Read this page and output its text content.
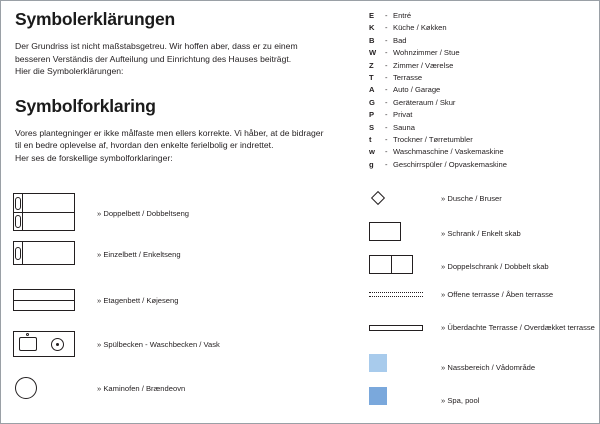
Symbolerklärungen

Der Grundriss ist nicht maßstabsgetreu. Wir hoffen aber, dass er zu einem

besseren Verständis der Aufteilung und Einrichtung des Hauses beiträgt.

Hier die Symbolerklärungen:

Symbolforklaring

Vores plantegninger er ikke målfaste men ellers korrekte. Vi håber, at de bidrager

til en bedre oplevelse af, hvordan den enkelte ferielbolig er indrettet.

Her ses de forskellige symbolforklaringer:

» Doppelbett / Dobbeltseng
» Einzelbett / Enkeltseng
» Etagenbett / Køjeseng
» Spülbecken - Waschbecken / Vask
» Kaminofen / Brændeovn
E	- Entré
K	- Küche / Køkken
B	- Bad
W	- Wohnzimmer / Stue
Z	- Zimmer / Værelse
T	- Terrasse
A	- Auto / Garage
G	- Geräteraum / Skur
P	- Privat
S	- Sauna
t	- Trockner / Tørretumbler
w	- Waschmaschine / Vaskemaskine
g	- Geschirrspüler / Opvaskemaskine
» Dusche / Bruser
» Schrank / Enkelt skab
» Doppelschrank / Dobbelt skab
» Offene terrasse / Åben terrasse
» Überdachte Terrasse / Overdækket terrasse
» Nassbereich / Vådområde
» Spa, pool
